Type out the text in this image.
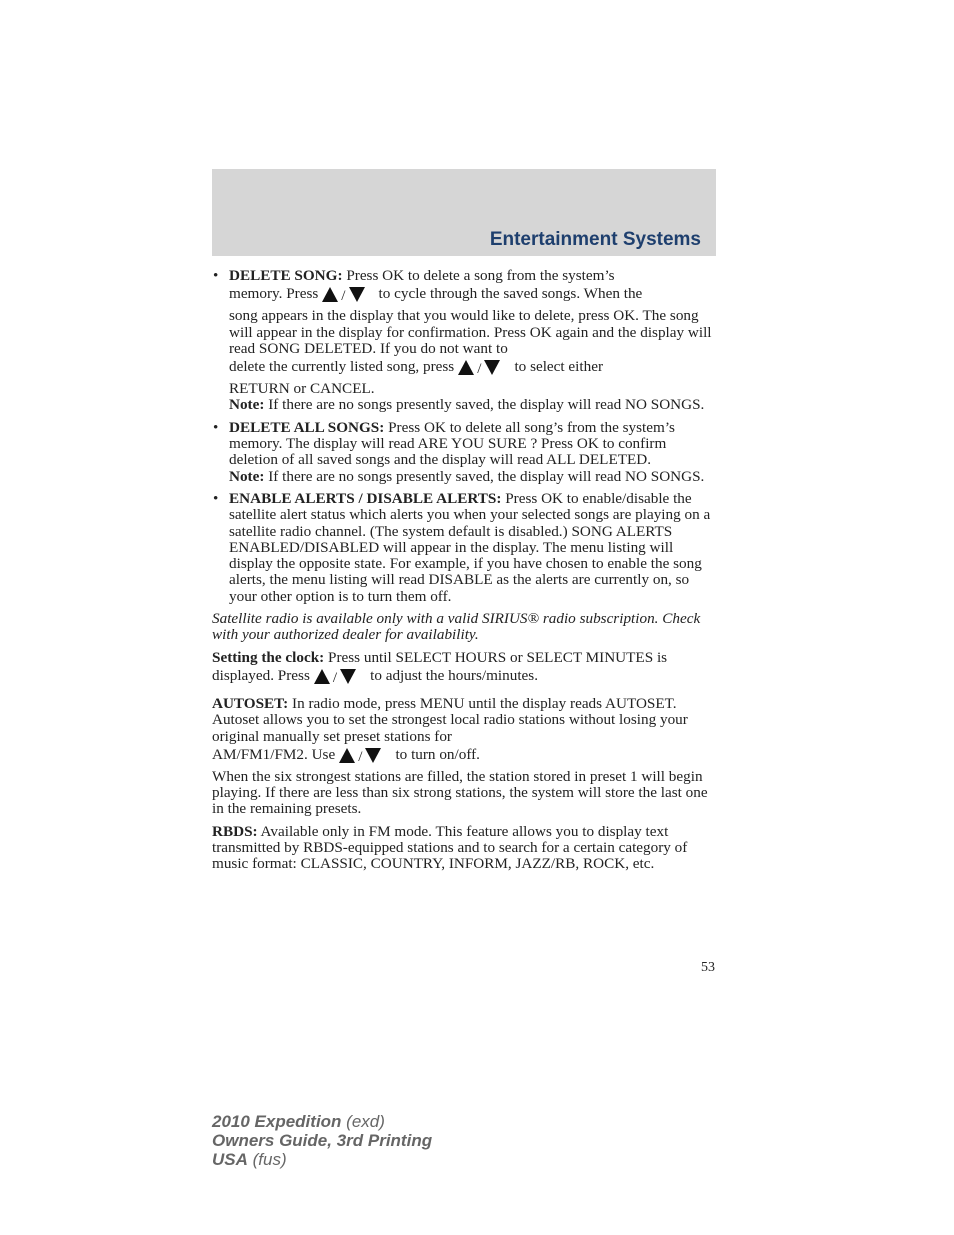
Entertainment Systems
• DELETE SONG: Press OK to delete a song from the system’s
memory. Press / to cycle through the saved songs. When the
song appears in the display that you would like to delete, press OK. The song will appear in the display for confirmation. Press OK again and the display will read SONG DELETED. If you do not want to
delete the currently listed song, press / to select either
RETURN or CANCEL.
Note: If there are no songs presently saved, the display will read NO SONGS.
• DELETE ALL SONGS: Press OK to delete all song’s from the system’s memory. The display will read ARE YOU SURE ? Press OK to confirm deletion of all saved songs and the display will read ALL DELETED.
Note: If there are no songs presently saved, the display will read NO SONGS.
• ENABLE ALERTS / DISABLE ALERTS: Press OK to enable/disable the satellite alert status which alerts you when your selected songs are playing on a satellite radio channel. (The system default is disabled.) SONG ALERTS ENABLED/DISABLED will appear in the display. The menu listing will display the opposite state. For example, if you have chosen to enable the song alerts, the menu listing will read DISABLE as the alerts are currently on, so your other option is to turn them off.

Satellite radio is available only with a valid SIRIUS® radio subscription. Check with your authorized dealer for availability.

Setting the clock: Press until SELECT HOURS or SELECT MINUTES is
displayed. Press / to adjust the hours/minutes.

AUTOSET: In radio mode, press MENU until the display reads AUTOSET. Autoset allows you to set the strongest local radio stations without losing your original manually set preset stations for
AM/FM1/FM2. Use / to turn on/off.

When the six strongest stations are filled, the station stored in preset 1 will begin playing. If there are less than six strong stations, the system will store the last one in the remaining presets.

RBDS: Available only in FM mode. This feature allows you to display text transmitted by RBDS-equipped stations and to search for a certain category of music format: CLASSIC, COUNTRY, INFORM, JAZZ/RB, ROCK, etc.

53
2010 Expedition (exd)
Owners Guide, 3rd Printing
USA (fus)
